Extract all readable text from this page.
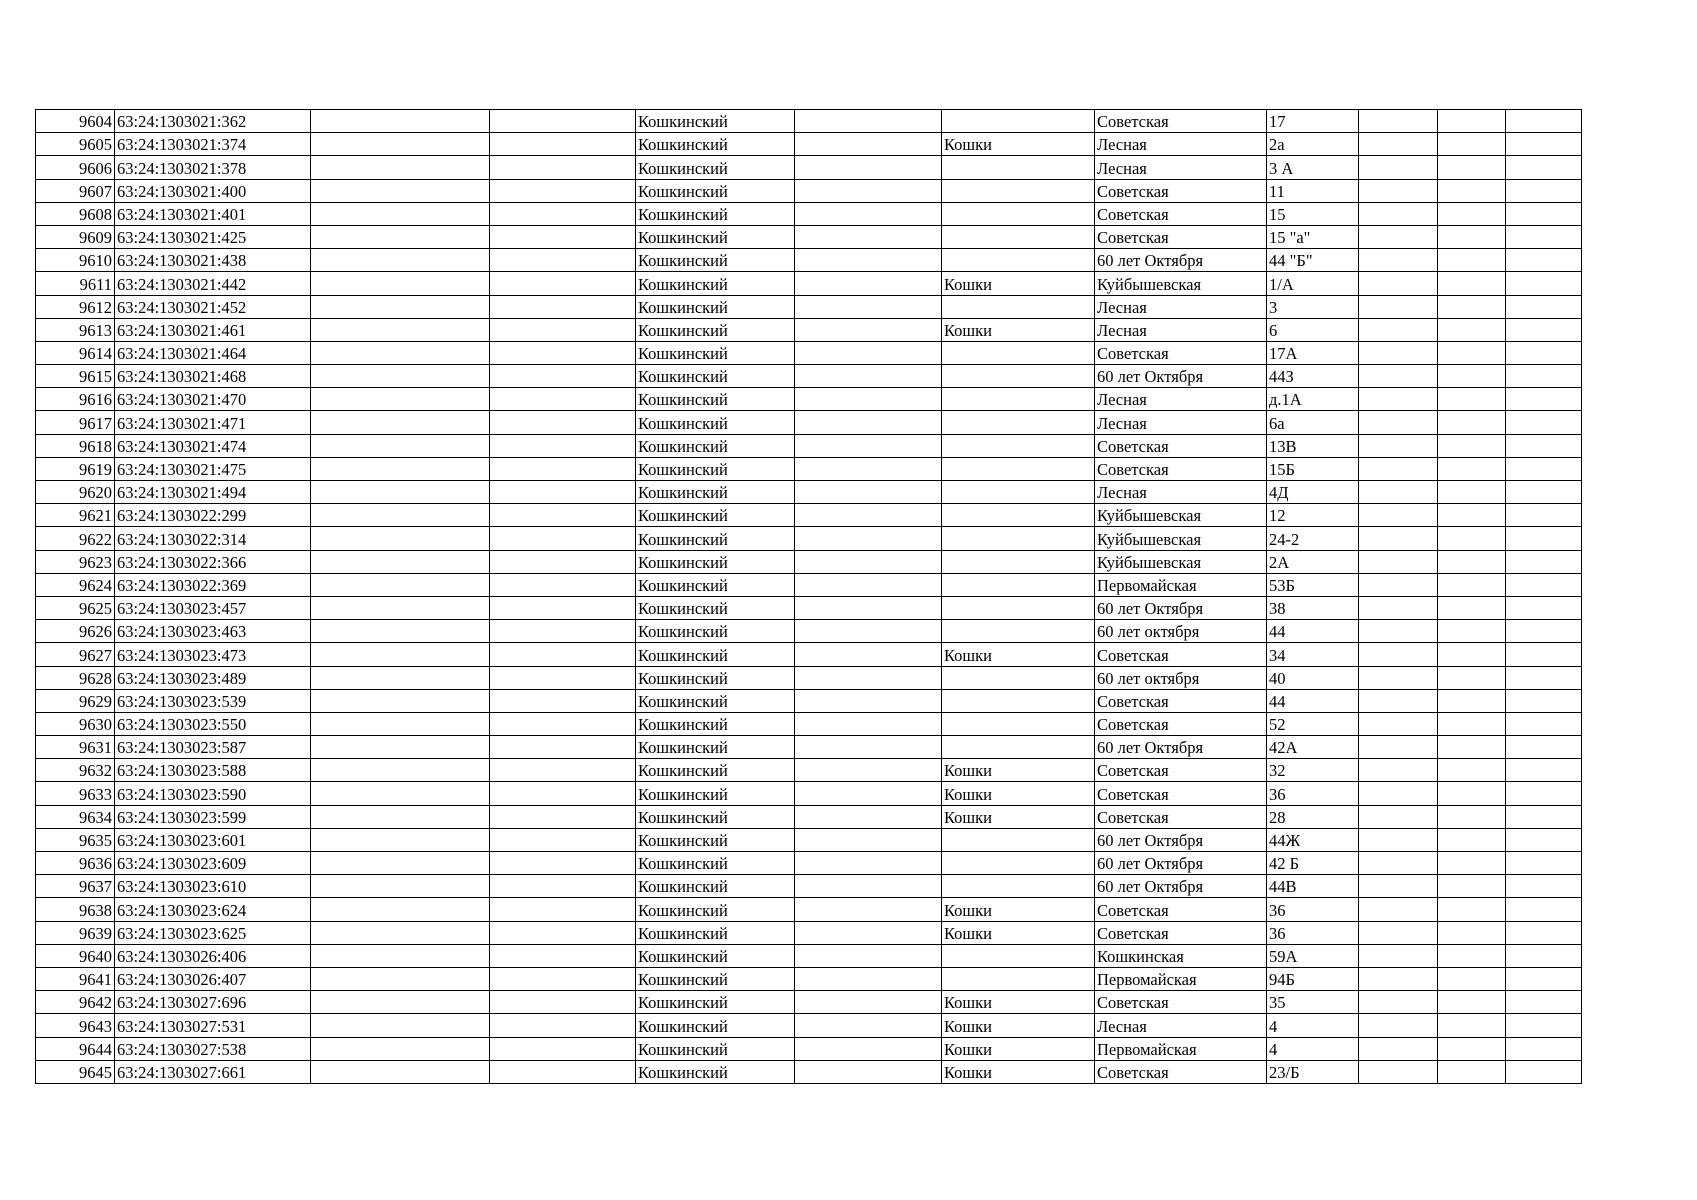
9604	63:24:1303021:362			Кошкинский			Советская	17			
9605	63:24:1303021:374			Кошкинский		Кошки	Лесная	2а			
9606	63:24:1303021:378			Кошкинский			Лесная	3 А			
9607	63:24:1303021:400			Кошкинский			Советская	11			
9608	63:24:1303021:401			Кошкинский			Советская	15			
9609	63:24:1303021:425			Кошкинский			Советская	15 "а"			
9610	63:24:1303021:438			Кошкинский			60 лет Октября	44 "Б"			
9611	63:24:1303021:442			Кошкинский		Кошки	Куйбышевская	1/А			
9612	63:24:1303021:452			Кошкинский			Лесная	3			
9613	63:24:1303021:461			Кошкинский		Кошки	Лесная	6			
9614	63:24:1303021:464			Кошкинский			Советская	17А			
9615	63:24:1303021:468			Кошкинский			60 лет Октября	44З			
9616	63:24:1303021:470			Кошкинский			Лесная	д.1А			
9617	63:24:1303021:471			Кошкинский			Лесная	6а			
9618	63:24:1303021:474			Кошкинский			Советская	13В			
9619	63:24:1303021:475			Кошкинский			Советская	15Б			
9620	63:24:1303021:494			Кошкинский			Лесная	4Д			
9621	63:24:1303022:299			Кошкинский			Куйбышевская	12			
9622	63:24:1303022:314			Кошкинский			Куйбышевская	24-2			
9623	63:24:1303022:366			Кошкинский			Куйбышевская	2А			
9624	63:24:1303022:369			Кошкинский			Первомайская	53Б			
9625	63:24:1303023:457			Кошкинский			60 лет Октября	38			
9626	63:24:1303023:463			Кошкинский			60 лет октября	44			
9627	63:24:1303023:473			Кошкинский		Кошки	Советская	34			
9628	63:24:1303023:489			Кошкинский			60 лет октября	40			
9629	63:24:1303023:539			Кошкинский			Советская	44			
9630	63:24:1303023:550			Кошкинский			Советская	52			
9631	63:24:1303023:587			Кошкинский			60 лет Октября	42А			
9632	63:24:1303023:588			Кошкинский		Кошки	Советская	32			
9633	63:24:1303023:590			Кошкинский		Кошки	Советская	36			
9634	63:24:1303023:599			Кошкинский		Кошки	Советская	28			
9635	63:24:1303023:601			Кошкинский			60 лет Октября	44Ж			
9636	63:24:1303023:609			Кошкинский			60 лет Октября	42 Б			
9637	63:24:1303023:610			Кошкинский			60 лет Октября	44В			
9638	63:24:1303023:624			Кошкинский		Кошки	Советская	36			
9639	63:24:1303023:625			Кошкинский		Кошки	Советская	36			
9640	63:24:1303026:406			Кошкинский			Кошкинская	59А			
9641	63:24:1303026:407			Кошкинский			Первомайская	94Б			
9642	63:24:1303027:696			Кошкинский		Кошки	Советская	35			
9643	63:24:1303027:531			Кошкинский		Кошки	Лесная	4			
9644	63:24:1303027:538			Кошкинский		Кошки	Первомайская	4			
9645	63:24:1303027:661			Кошкинский		Кошки	Советская	23/Б			
